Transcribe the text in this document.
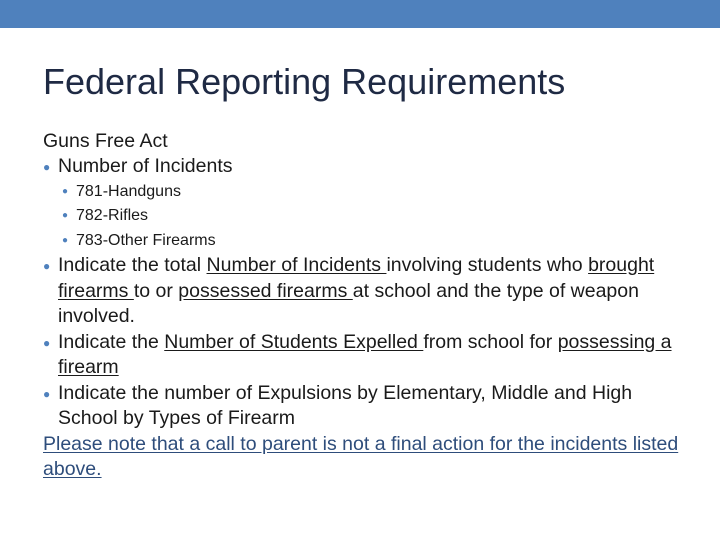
Federal Reporting Requirements
Guns Free Act
● Number of Incidents
● 781-Handguns
● 782-Rifles
● 783-Other Firearms
● Indicate the total Number of Incidents involving students who brought firearms to or possessed firearms at school and the type of weapon involved.
● Indicate the Number of Students Expelled from school for possessing a firearm
● Indicate the number of Expulsions by Elementary, Middle and High School by Types of Firearm
Please note that a call to parent is not a final action for the incidents listed above.
